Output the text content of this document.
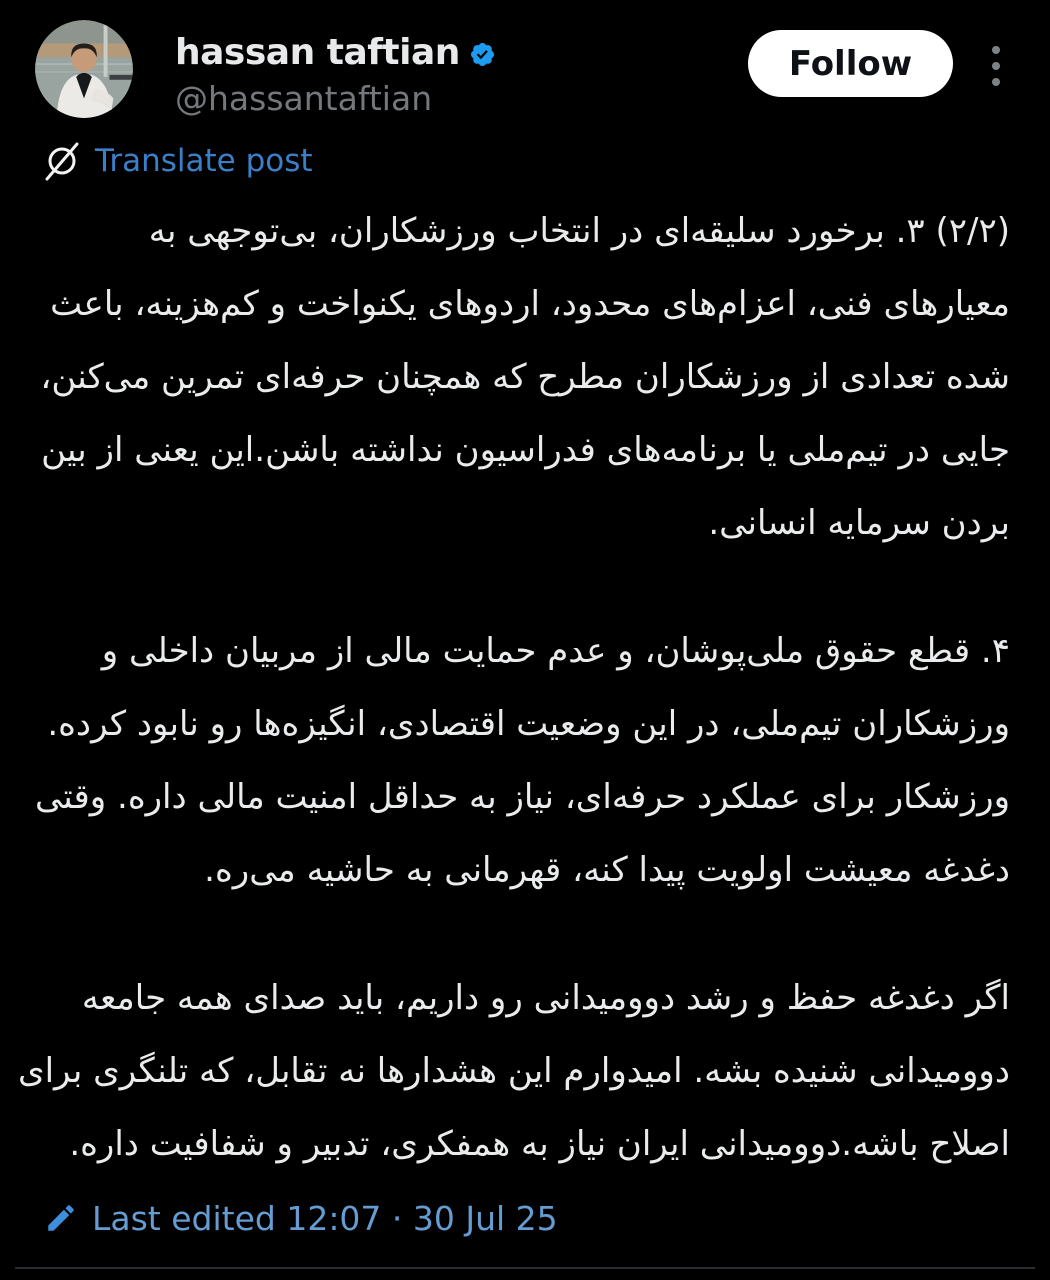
hassan taftian
@hassantaftian
Follow
Translate post
(۲/۲) ۳. برخورد سلیقه‌ای در انتخاب ورزشکاران، بی‌توجهی به
معیارهای فنی، اعزام‌های محدود، اردوهای یکنواخت و کم‌هزینه، باعث
شده تعدادی از ورزشکاران مطرح که همچنان حرفه‌ای تمرین می‌کنن،
جایی در تیم‌ملی یا برنامه‌های فدراسیون نداشته باشن.این یعنی از بین
بردن سرمایه انسانی.
۴. قطع حقوق ملی‌پوشان، و عدم حمایت مالی از مربیان داخلی و
ورزشکاران تیم‌ملی، در این وضعیت اقتصادی، انگیزه‌ها رو نابود کرده.
ورزشکار برای عملکرد حرفه‌ای، نیاز به حداقل امنیت مالی داره. وقتی
دغدغه معیشت اولویت پیدا کنه، قهرمانی به حاشیه می‌ره.
اگر دغدغه حفظ و رشد دوومیدانی رو داریم، باید صدای همه جامعه
دوومیدانی شنیده بشه. امیدوارم این هشدارها نه تقابل، که تلنگری برای
اصلاح باشه.دوومیدانی ایران نیاز به همفکری، تدبیر و شفافیت داره.
Last edited 12:07 · 30 Jul 25
